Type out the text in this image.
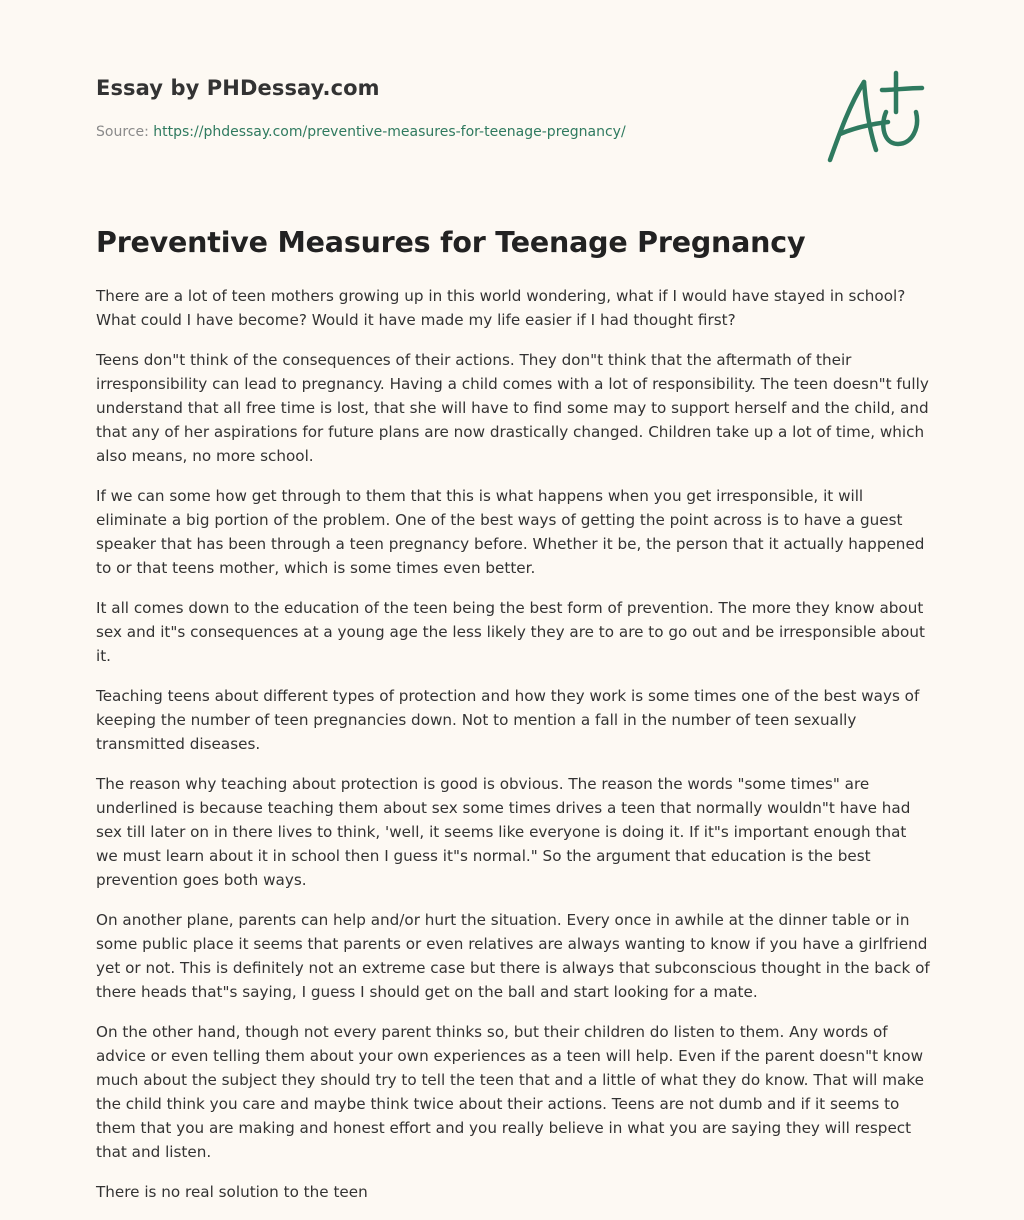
Essay by PHDessay.com
Source: https://phdessay.com/preventive-measures-for-teenage-pregnancy/
Preventive Measures for Teenage Pregnancy

There are a lot of teen mothers growing up in this world wondering, what if I would have stayed in school? What could I have become? Would it have made my life easier if I had thought first?

Teens don"t think of the consequences of their actions. They don"t think that the aftermath of their irresponsibility can lead to pregnancy. Having a child comes with a lot of responsibility. The teen doesn"t fully understand that all free time is lost, that she will have to find some may to support herself and the child, and that any of her aspirations for future plans are now drastically changed. Children take up a lot of time, which also means, no more school.

If we can some how get through to them that this is what happens when you get irresponsible, it will eliminate a big portion of the problem. One of the best ways of getting the point across is to have a guest speaker that has been through a teen pregnancy before. Whether it be, the person that it actually happened to or that teens mother, which is some times even better.

It all comes down to the education of the teen being the best form of prevention. The more they know about sex and it"s consequences at a young age the less likely they are to are to go out and be irresponsible about it.

Teaching teens about different types of protection and how they work is some times one of the best ways of keeping the number of teen pregnancies down. Not to mention a fall in the number of teen sexually transmitted diseases.

The reason why teaching about protection is good is obvious. The reason the words "some times" are underlined is because teaching them about sex some times drives a teen that normally wouldn"t have had sex till later on in there lives to think, 'well, it seems like everyone is doing it. If it"s important enough that we must learn about it in school then I guess it"s normal." So the argument that education is the best prevention goes both ways.

On another plane, parents can help and/or hurt the situation. Every once in awhile at the dinner table or in some public place it seems that parents or even relatives are always wanting to know if you have a girlfriend yet or not. This is definitely not an extreme case but there is always that subconscious thought in the back of there heads that"s saying, I guess I should get on the ball and start looking for a mate.

On the other hand, though not every parent thinks so, but their children do listen to them. Any words of advice or even telling them about your own experiences as a teen will help. Even if the parent doesn"t know much about the subject they should try to tell the teen that and a little of what they do know. That will make the child think you care and maybe think twice about their actions. Teens are not dumb and if it seems to them that you are making and honest effort and you really believe in what you are saying they will respect that and listen.

There is no real solution to the teen
